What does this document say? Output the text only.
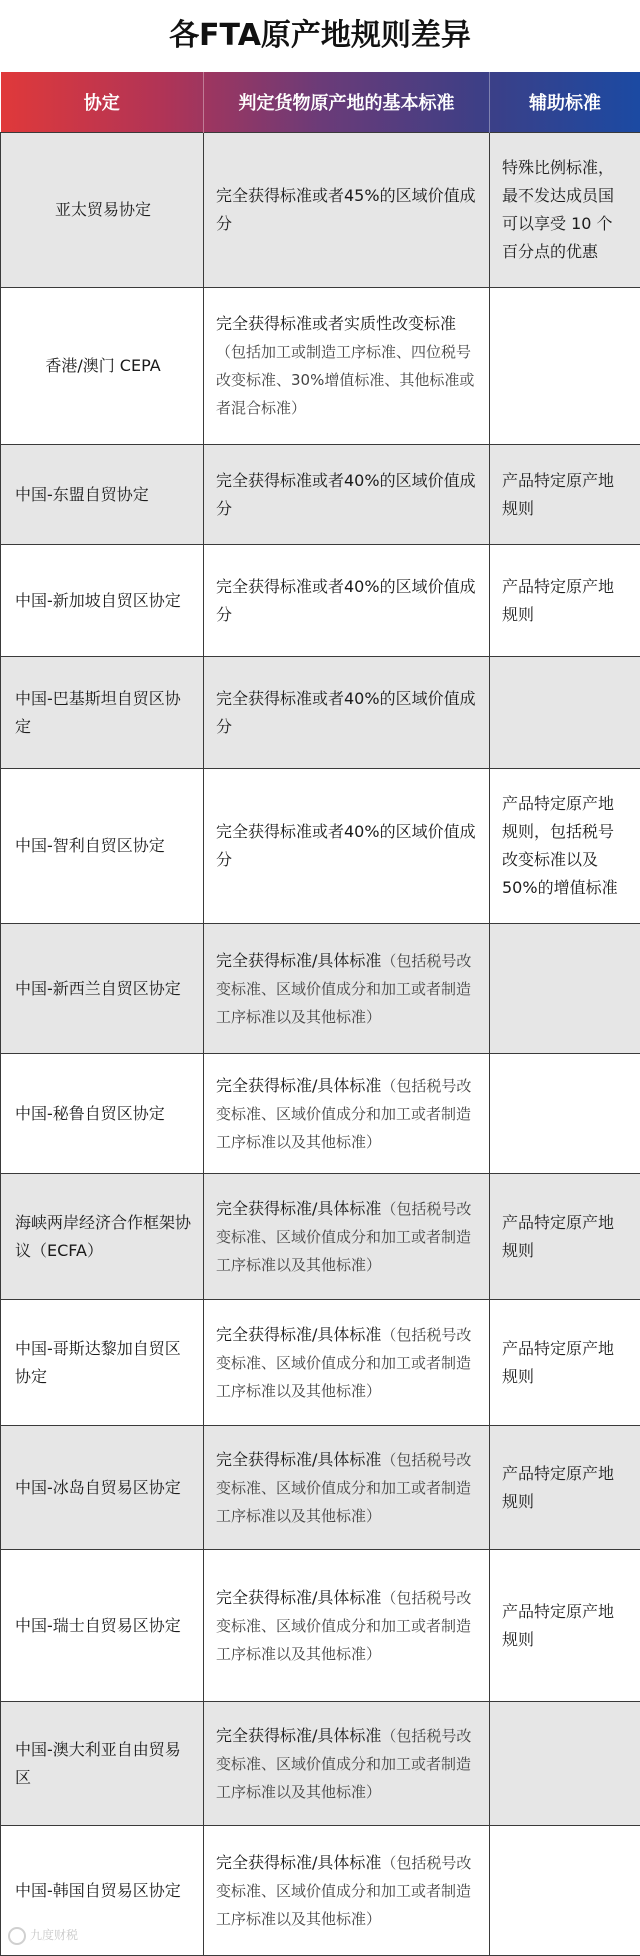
各FTA原产地规则差异
协定	判定货物原产地的基本标准	辅助标准
亚太贸易协定	完全获得标准或者45%的区域价值成分	特殊比例标准，最不发达成员国可以享受 10 个百分点的优惠
香港/澳门 CEPA	完全获得标准或者实质性改变标准（包括加工或制造工序标准、四位税号改变标准、30%增值标准、其他标准或者混合标准）	
中国-东盟自贸协定	完全获得标准或者40%的区域价值成分	产品特定原产地规则
中国-新加坡自贸区协定	完全获得标准或者40%的区域价值成分	产品特定原产地规则
中国-巴基斯坦自贸区协定	完全获得标准或者40%的区域价值成分	
中国-智利自贸区协定	完全获得标准或者40%的区域价值成分	产品特定原产地规则，包括税号改变标准以及50%的增值标准
中国-新西兰自贸区协定	完全获得标准/具体标准（包括税号改变标准、区域价值成分和加工或者制造工序标准以及其他标准）	
中国-秘鲁自贸区协定	完全获得标准/具体标准（包括税号改变标准、区域价值成分和加工或者制造工序标准以及其他标准）	
海峡两岸经济合作框架协议（ECFA）	完全获得标准/具体标准（包括税号改变标准、区域价值成分和加工或者制造工序标准以及其他标准）	产品特定原产地规则
中国-哥斯达黎加自贸区协定	完全获得标准/具体标准（包括税号改变标准、区域价值成分和加工或者制造工序标准以及其他标准）	产品特定原产地规则
中国-冰岛自贸易区协定	完全获得标准/具体标准（包括税号改变标准、区域价值成分和加工或者制造工序标准以及其他标准）	产品特定原产地规则
中国-瑞士自贸易区协定	完全获得标准/具体标准（包括税号改变标准、区域价值成分和加工或者制造工序标准以及其他标准）	产品特定原产地规则
中国-澳大利亚自由贸易区	完全获得标准/具体标准（包括税号改变标准、区域价值成分和加工或者制造工序标准以及其他标准）	
中国-韩国自贸易区协定	完全获得标准/具体标准（包括税号改变标准、区域价值成分和加工或者制造工序标准以及其他标准）	
九度财税
